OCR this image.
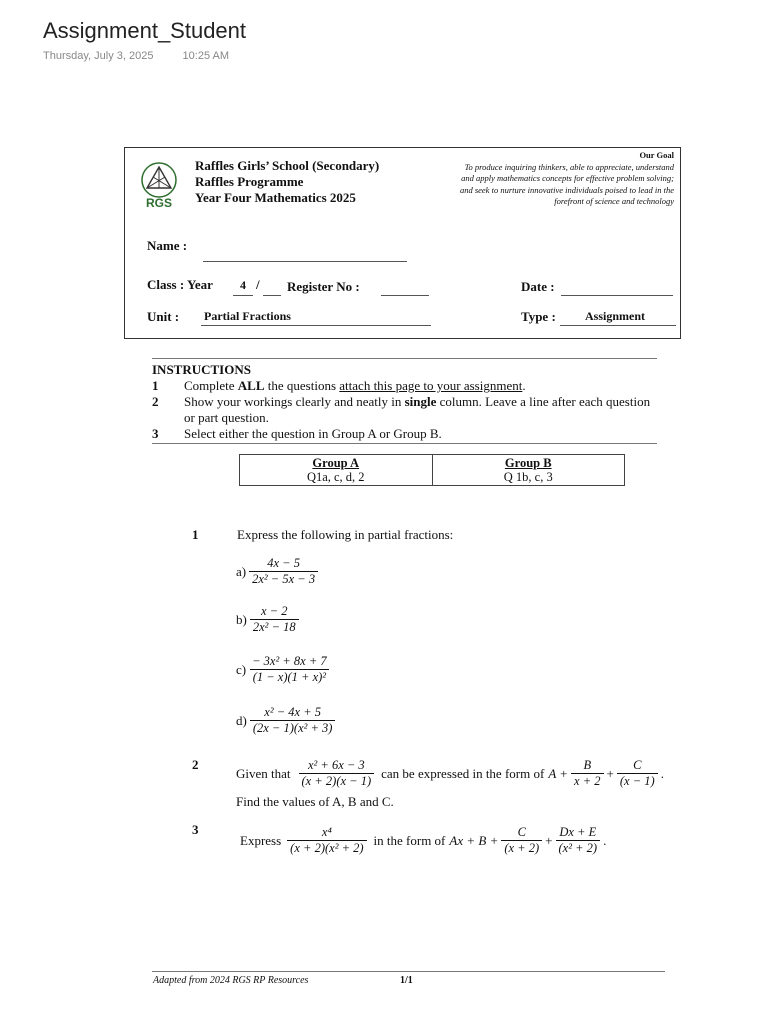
Assignment_Student
Thursday, July 3, 2025	10:25 AM
RGS
Raffles Girls’ School (Secondary)
Raffles Programme
Year Four Mathematics 2025
Our Goal
To produce inquiring thinkers, able to appreciate, understand
and apply mathematics concepts for effective problem solving;
and seek to nurture innovative individuals poised to lead in the
forefront of science and technology
Name :
Class : Year 4 / Register No :	Date :
Unit : Partial Fractions	Type : Assignment
INSTRUCTIONS
1	Complete ALL the questions attach this page to your assignment.
2	Show your workings clearly and neatly in single column. Leave a line after each question or part question.
3	Select either the question in Group A or Group B.
Group A
Q1a, c, d, 2

Group B
Q 1b, c, 3
1	Express the following in partial fractions:
$a) \frac{4x - 5}{\text{2x² − 5x − 3}}$
$b) \frac{x - 2}{\text{2x² − 18}}$
$c) \frac{\text{− 3x² + 8x + 7}}{\text{(1 − x)(1 + x)²}}$
$d) \frac{\text{x² − 4x + 5}}{\text{(2x − 1)(x² + 3)}}$
2
Given that $\frac{\text{x² + 6x − 3}}{(x + 2)(x - 1)}$ can be expressed in the form of $A + \frac{B}{x + 2} + \frac{C}{(x - 1)}$ .
Find the values of A, B and C.
3
Express $\frac{\text{x⁴}}{\text{(x + 2)(x² + 2)}}$ in the form of $Ax + B + \frac{C}{(x + 2)} + \frac{Dx + E}{\text{(x² + 2)}}$ .
Adapted from 2024 RGS RP Resources	1/1
